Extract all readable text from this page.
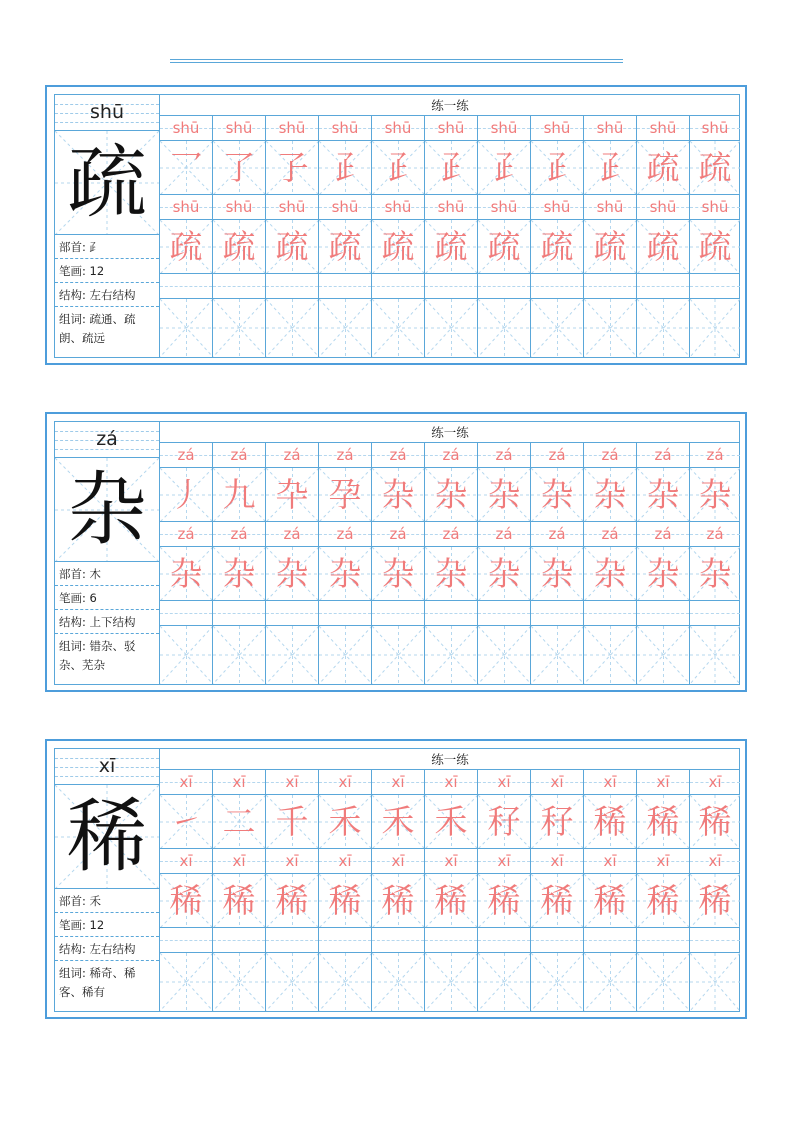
shū
疏
部首: ⺪
笔画: 12
结构: 左右结构
组词: 疏通、疏
朗、疏远
练一练
shū	shū	shū	shū	shū	shū	shū	shū	shū	shū	shū
乛 了 孒 𤴔 𤴔 𤴔 𤴔 𤴔 𤴔 疏 疏
shū	shū	shū	shū	shū	shū	shū	shū	shū	shū	shū
疏 疏 疏 疏 疏 疏 疏 疏 疏 疏 疏
zá
杂
部首: 木
笔画: 6
结构: 上下结构
组词: 错杂、驳
杂、芜杂
练一练
zá	zá	zá	zá	zá	zá	zá	zá	zá	zá	zá
丿 九 卆 孕 杂 杂 杂 杂 杂 杂 杂
zá	zá	zá	zá	zá	zá	zá	zá	zá	zá	zá
杂 杂 杂 杂 杂 杂 杂 杂 杂 杂 杂
xī
稀
部首: 禾
笔画: 12
结构: 左右结构
组词: 稀奇、稀
客、稀有
练一练
xī	xī	xī	xī	xī	xī	xī	xī	xī	xī	xī
㇀ 二 千 禾 禾 禾 秄 秄 稀 稀 稀
xī	xī	xī	xī	xī	xī	xī	xī	xī	xī	xī
稀 稀 稀 稀 稀 稀 稀 稀 稀 稀 稀
